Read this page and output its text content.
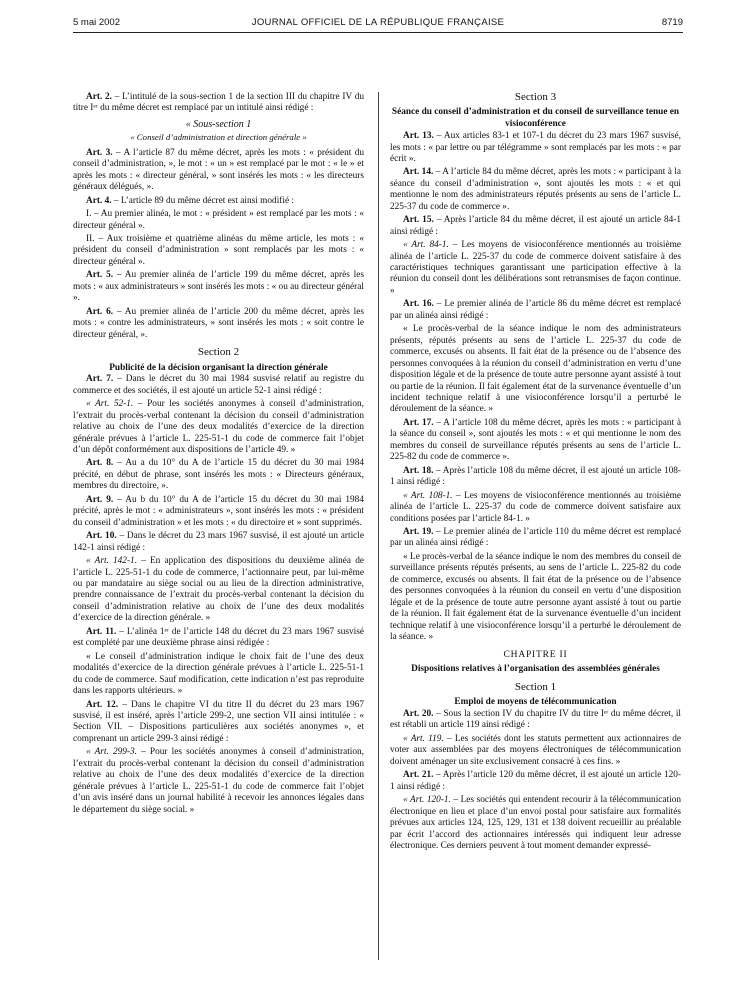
5 mai 2002	JOURNAL OFFICIEL DE LA RÉPUBLIQUE FRANÇAISE	8719

Art. 2. – L’intitulé de la sous-section 1 de la section III du chapitre IV du titre Iᵉʳ du même décret est remplacé par un intitulé ainsi rédigé :

« Sous-section 1

« Conseil d’administration et direction générale »

Art. 3. – A l’article 87 du même décret, après les mots : « président du conseil d’administration, », le mot : « un » est remplacé par le mot : « le » et après les mots : « directeur général, » sont insérés les mots : « les directeurs généraux délégués, ».

Art. 4. – L’article 89 du même décret est ainsi modifié :

I. – Au premier alinéa, le mot : « président » est remplacé par les mots : « directeur général ».

II. – Aux troisième et quatrième alinéas du même article, les mots : « président du conseil d’administration » sont remplacés par les mots : « directeur général ».

Art. 5. – Au premier alinéa de l’article 199 du même décret, après les mots : « aux administrateurs » sont insérés les mots : « ou au directeur général ».

Art. 6. – Au premier alinéa de l’article 200 du même décret, après les mots : « contre les administrateurs, » sont insérés les mots : « soit contre le directeur général, ».

Section 2

Publicité de la décision organisant la direction générale

Art. 7. – Dans le décret du 30 mai 1984 susvisé relatif au registre du commerce et des sociétés, il est ajouté un article 52-1 ainsi rédigé :

« Art. 52-1. – Pour les sociétés anonymes à conseil d’administration, l’extrait du procès-verbal contenant la décision du conseil d’administration relative au choix de l’une des deux modalités d’exercice de la direction générale prévues à l’article L. 225-51-1 du code de commerce fait l’objet d’un dépôt conformément aux dispositions de l’article 49. »

Art. 8. – Au a du 10° du A de l’article 15 du décret du 30 mai 1984 précité, en début de phrase, sont insérés les mots : « Directeurs généraux, membres du directoire, ».

Art. 9. – Au b du 10° du A de l’article 15 du décret du 30 mai 1984 précité, après le mot : « administrateurs », sont insérés les mots : « président du conseil d’administration » et les mots : « du directoire et » sont supprimés.

Art. 10. – Dans le décret du 23 mars 1967 susvisé, il est ajouté un article 142-1 ainsi rédigé :

« Art. 142-1. – En application des dispositions du deuxième alinéa de l’article L. 225-51-1 du code de commerce, l’actionnaire peut, par lui-même ou par mandataire au siège social ou au lieu de la direction administrative, prendre connaissance de l’extrait du procès-verbal contenant la décision du conseil d’administration relative au choix de l’une des deux modalités d’exercice de la direction générale. »

Art. 11. – L’alinéa 1ᵉʳ de l’article 148 du décret du 23 mars 1967 susvisé est complété par une deuxième phrase ainsi rédigée :

« Le conseil d’administration indique le choix fait de l’une des deux modalités d’exercice de la direction générale prévues à l’article L. 225-51-1 du code de commerce. Sauf modification, cette indication n’est pas reproduite dans les rapports ultérieurs. »

Art. 12. – Dans le chapitre VI du titre II du décret du 23 mars 1967 susvisé, il est inséré, après l’article 299-2, une section VII ainsi intitulée : « Section VII. – Dispositions particulières aux sociétés anonymes », et comprenant un article 299-3 ainsi rédigé :

« Art. 299-3. – Pour les sociétés anonymes à conseil d’administration, l’extrait du procès-verbal contenant la décision du conseil d’administration relative au choix de l’une des deux modalités d’exercice de la direction générale prévues à l’article L. 225-51-1 du code de commerce fait l’objet d’un avis inséré dans un journal habilité à recevoir les annonces légales dans le département du siège social. »

Section 3

Séance du conseil d’administration et du conseil de surveillance tenue en visioconférence

Art. 13. – Aux articles 83-1 et 107-1 du décret du 23 mars 1967 susvisé, les mots : « par lettre ou par télégramme » sont remplacés par les mots : « par écrit ».

Art. 14. – A l’article 84 du même décret, après les mots : « participant à la séance du conseil d’administration », sont ajoutés les mots : « et qui mentionne le nom des administrateurs réputés présents au sens de l’article L. 225-37 du code de commerce ».

Art. 15. – Après l’article 84 du même décret, il est ajouté un article 84-1 ainsi rédigé :

« Art. 84-1. – Les moyens de visioconférence mentionnés au troisième alinéa de l’article L. 225-37 du code de commerce doivent satisfaire à des caractéristiques techniques garantissant une participation effective à la réunion du conseil dont les délibérations sont retransmises de façon continue. »

Art. 16. – Le premier alinéa de l’article 86 du même décret est remplacé par un alinéa ainsi rédigé :

« Le procès-verbal de la séance indique le nom des administrateurs présents, réputés présents au sens de l’article L. 225-37 du code de commerce, excusés ou absents. Il fait état de la présence ou de l’absence des personnes convoquées à la réunion du conseil d’administration en vertu d’une disposition légale et de la présence de toute autre personne ayant assisté à tout ou partie de la réunion. Il fait également état de la survenance éventuelle d’un incident technique relatif à une visioconférence lorsqu’il a perturbé le déroulement de la séance. »

Art. 17. – A l’article 108 du même décret, après les mots : « participant à la séance du conseil », sont ajoutés les mots : « et qui mentionne le nom des membres du conseil de surveillance réputés présents au sens de l’article L. 225-82 du code de commerce ».

Art. 18. – Après l’article 108 du même décret, il est ajouté un article 108-1 ainsi rédigé :

« Art. 108-1. – Les moyens de visioconférence mentionnés au troisième alinéa de l’article L. 225-37 du code de commerce doivent satisfaire aux conditions posées par l’article 84-1. »

Art. 19. – Le premier alinéa de l’article 110 du même décret est remplacé par un alinéa ainsi rédigé :

« Le procès-verbal de la séance indique le nom des membres du conseil de surveillance présents réputés présents, au sens de l’article L. 225-82 du code de commerce, excusés ou absents. Il fait état de la présence ou de l’absence des personnes convoquées à la réunion du conseil en vertu d’une disposition légale et de la présence de toute autre personne ayant assisté à tout ou partie de la réunion. Il fait également état de la survenance éventuelle d’un incident technique relatif à une visioconférence lorsqu’il a perturbé le déroulement de la séance. »

CHAPITRE II

Dispositions relatives à l’organisation des assemblées générales

Section 1

Emploi de moyens de télécommunication

Art. 20. – Sous la section IV du chapitre IV du titre Iᵉʳ du même décret, il est rétabli un article 119 ainsi rédigé :

« Art. 119. – Les sociétés dont les statuts permettent aux actionnaires de voter aux assemblées par des moyens électroniques de télécommunication doivent aménager un site exclusivement consacré à ces fins. »

Art. 21. – Après l’article 120 du même décret, il est ajouté un article 120-1 ainsi rédigé :

« Art. 120-1. – Les sociétés qui entendent recourir à la télécommunication électronique en lieu et place d’un envoi postal pour satisfaire aux formalités prévues aux articles 124, 125, 129, 131 et 138 doivent recueillir au préalable par écrit l’accord des actionnaires intéressés qui indiquent leur adresse électronique. Ces derniers peuvent à tout moment demander expressé-
